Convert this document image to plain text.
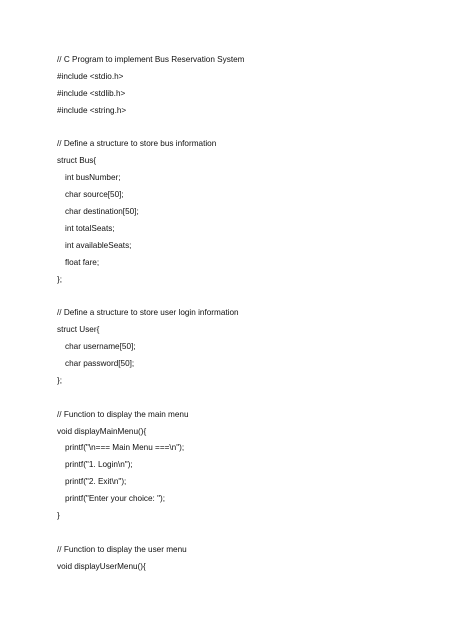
// C Program to implement Bus Reservation System
#include <stdio.h>
#include <stdlib.h>
#include <string.h>
// Define a structure to store bus information
struct Bus{
int busNumber;
char source[50];
char destination[50];
int totalSeats;
int availableSeats;
float fare;
};
// Define a structure to store user login information
struct User{
char username[50];
char password[50];
};
// Function to display the main menu
void displayMainMenu(){
printf("\n=== Main Menu ===\n");
printf("1. Login\n");
printf("2. Exit\n");
printf("Enter your choice: ");
}
// Function to display the user menu
void displayUserMenu(){
